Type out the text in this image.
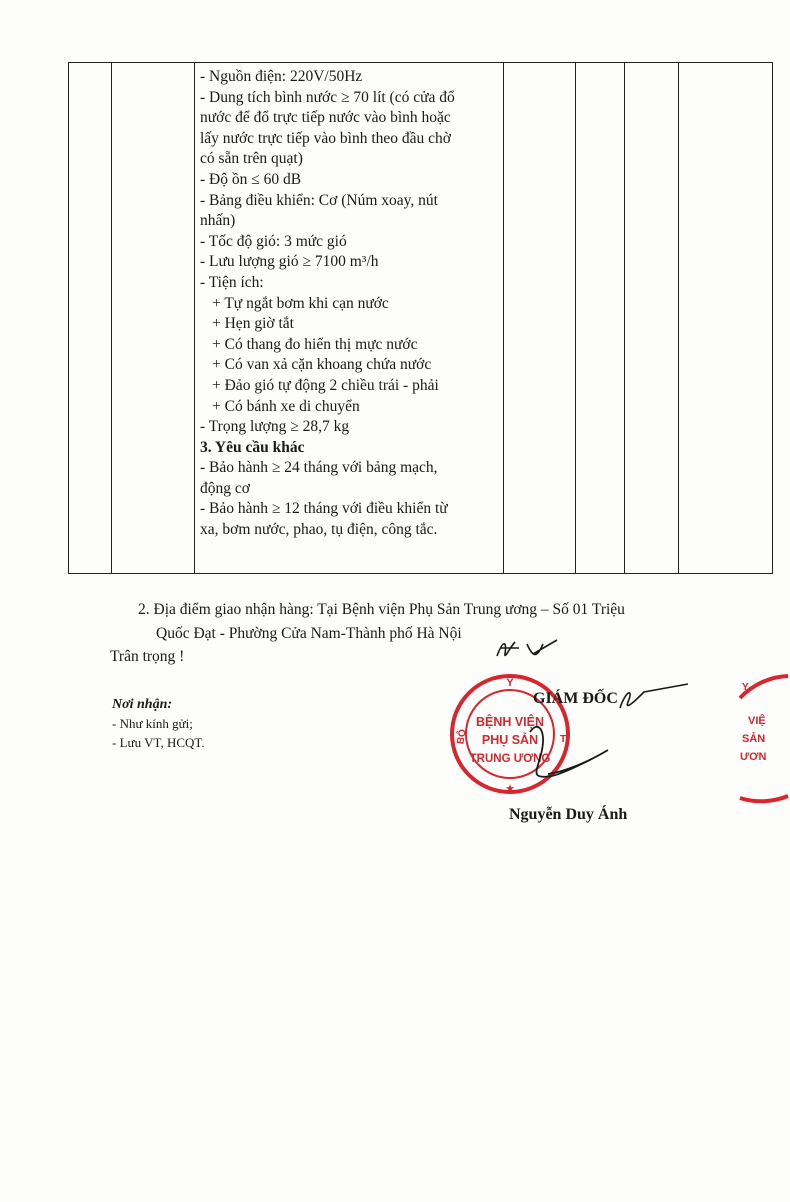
- Nguồn điện: 220V/50Hz
- Dung tích bình nước ≥ 70 lít (có cửa đổ
nước để đổ trực tiếp nước vào bình hoặc
lấy nước trực tiếp vào bình theo đầu chờ
có sẵn trên quạt)
- Độ ồn ≤ 60 dB
- Bảng điều khiển: Cơ (Núm xoay, nút
nhấn)
- Tốc độ gió: 3 mức gió
- Lưu lượng gió ≥ 7100 m³/h
- Tiện ích:
+ Tự ngắt bơm khi cạn nước
+ Hẹn giờ tắt
+ Có thang đo hiển thị mực nước
+ Có van xả cặn khoang chứa nước
+ Đảo gió tự động 2 chiều trái - phải
+ Có bánh xe di chuyển
- Trọng lượng ≥ 28,7 kg
3. Yêu cầu khác
- Bảo hành ≥ 24 tháng với bảng mạch,
động cơ
- Bảo hành ≥ 12 tháng với điều khiển từ
xa, bơm nước, phao, tụ điện, công tắc.

2. Địa điểm giao nhận hàng: Tại Bệnh viện Phụ Sản Trung ương – Số 01 Triệu
Quốc Đạt - Phường Cửa Nam-Thành phố Hà Nội
Trân trọng !
Nơi nhận:
- Như kính gửi;
- Lưu VT, HCQT.
Y
BỘ	T
BỆNH VIỆN
PHỤ SẢN
TRUNG ƯƠNG
★
GIÁM ĐỐC
Nguyễn Duy Ánh
Y
VIỆ
SẢN
ƯƠN
